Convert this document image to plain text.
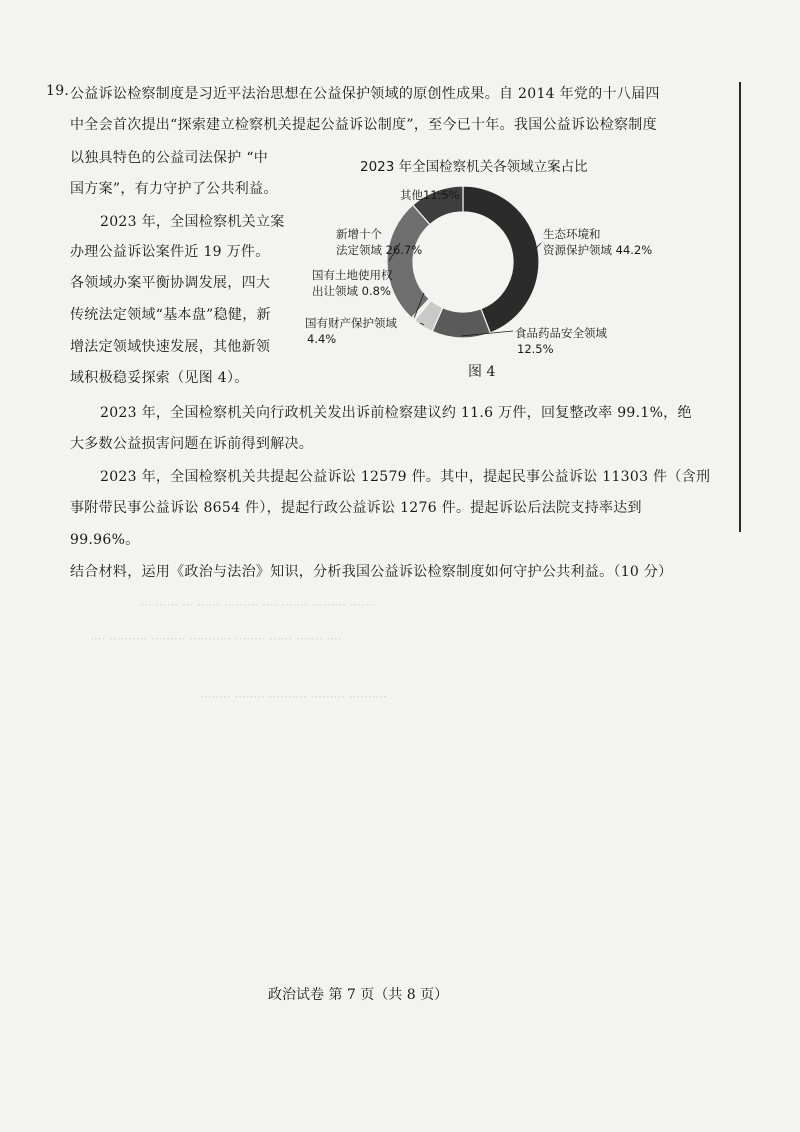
··· ······ ··· ······ ········· ···· ······· ········· ·······
···· ·········· ········· ··········· ········ ······ ······· ····
········ ········ ·········· ········· ··········
19. 公益诉讼检察制度是习近平法治思想在公益保护领域的原创性成果。自 2014 年党的十八届四
中全会首次提出“探索建立检察机关提起公益诉讼制度”，至今已十年。我国公益诉讼检察制度
以独具特色的公益司法保护 “中
国方案”，有力守护了公共利益。
2023 年，全国检察机关立案
办理公益诉讼案件近 19 万件。
各领域办案平衡协调发展，四大
传统法定领域“基本盘”稳健，新
增法定领域快速发展，其他新领
域积极稳妥探索（见图 4）。
2023 年全国检察机关各领域立案占比
生态环境和
资源保护领域 44.2%
食品药品安全领域
12.5%
国有财产保护领域
4.4%
国有土地使用权
出让领域 0.8%
新增十个
法定领域 26.7%
其他11.5%
图 4
2023 年，全国检察机关向行政机关发出诉前检察建议约 11.6 万件，回复整改率 99.1%，绝
大多数公益损害问题在诉前得到解决。
2023 年，全国检察机关共提起公益诉讼 12579 件。其中，提起民事公益诉讼 11303 件（含刑
事附带民事公益诉讼 8654 件），提起行政公益诉讼 1276 件。提起诉讼后法院支持率达到
99.96%。
结合材料，运用《政治与法治》知识，分析我国公益诉讼检察制度如何守护公共利益。（10 分）
政治试卷 第 7 页（共 8 页）
